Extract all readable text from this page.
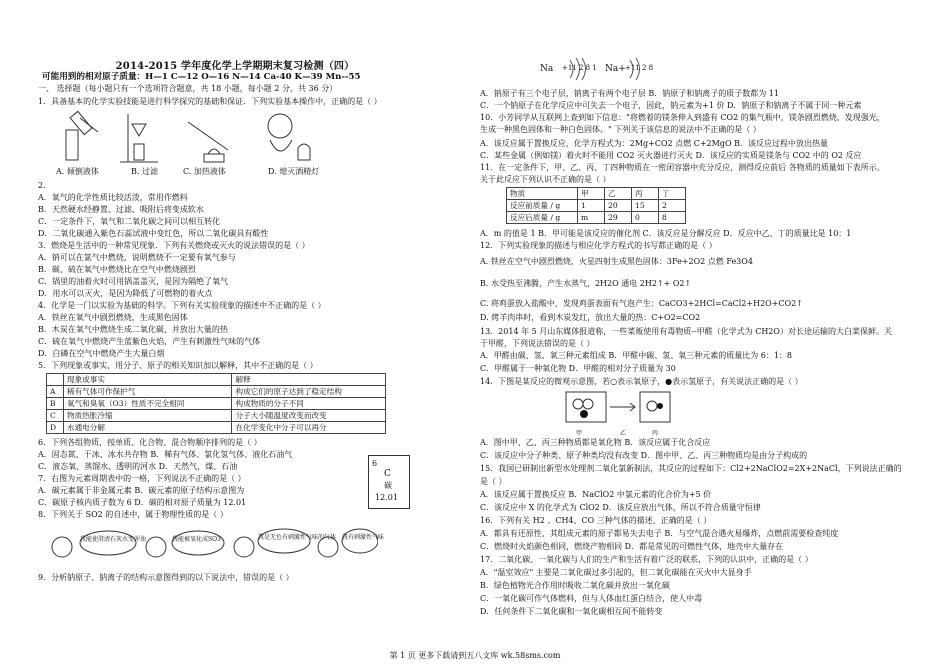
2014-2015 学年度化学上学期期末复习检测（四）
可能用到的相对原子质量：H—1 C—12 O—16 N—14 Ca-40 K—39 Mn--55
一、 选择题（每小题只有一个选项符合题意，共 18 小题，每小题 2 分，共 36 分）
1．具备基本的化学实验技能是进行科学探究的基础和保证．下列实验基本操作中，正确的是（ ）
A. 倾倒液体	B. 过滤	C. 加热液体	D. 熄灭酒精灯
2．
A．氧气的化学性质比较活泼，常用作燃料
B．天然硬水经静置、过滤、吸附后将变成软水
C．一定条件下，氧气和二氧化碳之间可以相互转化
D．二氧化碳通入紫色石蕊试液中变红色，所以二氧化碳具有酸性
3．燃烧是生活中的一种常见现象．下列有关燃烧或灭火的说法错误的是（ ）
A．钠可以在氯气中燃烧，说明燃烧不一定要有氧气参与
B．碳、硫在氧气中燃烧比在空气中燃烧剧烈
C．锅里的油着火时可用锅盖盖灭，是因为隔绝了氧气
D．用水可以灭火，是因为降低了可燃物的着火点
4．化学是一门以实验为基础的科学。下列有关实验现象的描述中不正确的是（ ）
A．铁丝在氧气中剧烈燃烧，生成黑色固体
B．木炭在氧气中燃烧生成二氧化碳，并放出大量的热
C．硫在氧气中燃烧产生蓝紫色火焰，产生有刺激性气味的气体
D．白磷在空气中燃烧产生大量白烟
5．下列现象或事实，用分子、原子的相关知识加以解释，其中不正确的是（ ）
	现象或事实	解释
A	稀有气体可作保护气	构成它们的原子达到了稳定结构
B	氧气和臭氧（O3）性质不完全相同	构成物质的分子不同
C	物质热胀冷缩	分子大小随温度改变而改变
D	水通电分解	在化学变化中分子可以再分
6．下列各组物质，按单质、化合物、混合物顺序排列的是（ ）
A．固态氮、干冰、冰水共存物 B．稀有气体、氯化氢气体、液化石油气
C．液态氧、蒸馏水、透明的河水 D．天然气，煤、石油
7．右图为元素周期表中的一格，下列说法不正确的是（ ）
A．碳元素属于非金属元素 B．碳元素的原子结构示意图为
C．碳原子核内质子数为 6 D．碳的相对原子质量为 12.01
6
C
碳
12.01
8．下列关于 SO2 的自述中，属于物理性质的是（ ）
我能使澄清石灰水变浑浊	我能被氧化成SO3	我是无色有刺激性气味的气体 我有刺激性气味
9．分析钠原子、钠离子的结构示意图得到的以下说法中，错误的是（ ）
Na +11 2 8 1 Na+ +11 2 8
A．钠原子有三个电子层，钠离子有两个电子层 B．钠原子和钠离子的质子数都为 11
C．一个钠原子在化学反应中可失去一个电子，因此，钠元素为+1 价 D．钠原子和钠离子不属于同一种元素
10．小芳同学从互联网上查到如下信息："将燃着的镁条伸入到盛有 CO2 的集气瓶中，镁条剧烈燃烧，发现强光，
生成一种黑色固体和一种白色固体。" 下列关于该信息的说法中不正确的是（ ）
A．该反应属于置换反应，化学方程式为：2Mg+CO2 点燃 C+2MgO B．该反应过程中放出热量
C．某些金属（例如镁）着火时不能用 CO2 灭火器进行灭火 D．该反应的实质是镁条与 CO2 中的 O2 反应
11．在一定条件下，甲、乙、丙、丁四种物质在一密闭容器中充分反应，测得反应前后 各物质的质量如下表所示。
关于此反应下列认识不正确的是（ ）
物质	甲	乙	丙	丁
反应前质量 / g	1	20	15	2
反应后质量 / g	m	29	0	8
A．m 的值是 1 B．甲可能是该反应的催化剂 C．该反应是分解反应 D．反应中乙、丁的质量比是 10：1
12．下列实验现象的描述与相应化学方程式的书写都正确的是（ ）
A. 铁丝在空气中剧烈燃烧，火星四射生成黑色固体：3Fe+2O2 点燃 Fe3O4
B. 水受热至沸腾，产生水蒸气，2H2O 通电 2H2↑+ O2↑
C. 将鸡蛋放入盐酸中，发现鸡蛋表面有气泡产生：CaCO3+2HCl=CaCl2+H2O+CO2↑
D. 烤羊肉串时，看到木炭发红，放出大量的热：C+O2=CO2
13．2014 年 5 月山东媒体报道称，一些菜贩使用有毒物质--甲醛（化学式为 CH2O）对长途运输的大白菜保鲜。关
于甲醛，下列说法错误的是（ ）
A．甲醛由碳、氢、氧三种元素组成 B．甲醛中碳、氢、氧三种元素的质量比为 6：1：8
C．甲醛属于一种氧化物 D．甲醛的相对分子质量为 30
14．下图是某反应的微观示意图，若○表示氧原子，●表示氢原子，有关说法正确的是（ ）
甲	乙	丙
A．图中甲、乙、丙三种物质都是氧化物 B．该反应属于化合反应
C．该反应中分子种类、原子种类均没有改变 D．图中甲、乙、丙三种物质均是由分子构成的
15．我国已研制出新型水处理剂二氧化氯新制法，其反应的过程如下：Cl2+2NaClO2=2X+2NaCl，下列说法正确的
是（ ）
A．该反应属于置换反应 B．NaClO2 中氯元素的化合价为+5 价
C．该反应中 X 的化学式为 ClO2 D．该反应放出气体，所以不符合质量守恒律
16．下列有关 H2 、CH4、CO 三种气体的描述，正确的是（ ）
A．都具有还原性，其组成元素的原子都易失去电子 B．与空气混合遇火易爆炸，点燃前需要检查纯度
C．燃烧时火焰颜色相同，燃烧产物相同 D．都是常见的可燃性气体，地壳中大量存在
17．二氧化碳、一氧化碳与人们的生产和生活有着广泛的联系，下列的认识中，正确的是（ ）
A．"温室效应" 主要是二氧化碳过多引起的，但二氧化碳能在灭火中大显身手
B．绿色植物光合作用时吸收二氧化碳并放出一氧化碳
C．一氧化碳可作气体燃料，但与人体血红蛋白结合，使人中毒
D．任何条件下二氧化碳和一氧化碳相互间不能转变
第 1 页 更多下载请到五八文库 wk.58sms.com
